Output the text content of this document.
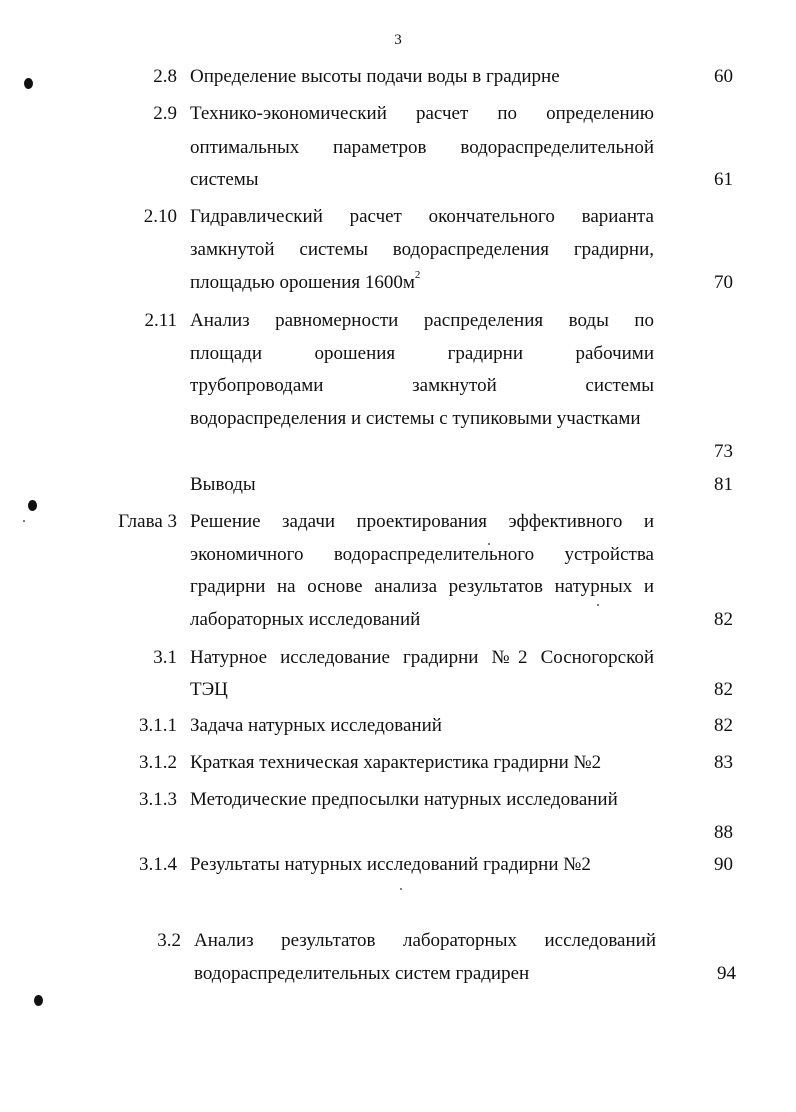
3
2.8 Определение высоты подачи воды в градирне	60
2.9 Технико-экономический расчет по определению
оптимальных параметров водораспределительной
системы	61
2.10 Гидравлический расчет окончательного варианта
замкнутой системы водораспределения градирни,
площадью орошения $1600м^2$	70
2.11 Анализ равномерности распределения воды по
площади орошения градирни рабочими
трубопроводами замкнутой системы
водораспределения и системы с тупиковыми участками
73
Выводы	81
Глава 3 Решение задачи проектирования эффективного и
экономичного водораспределительного устройства
градирни на основе анализа результатов натурных и
лабораторных исследований	82
3.1 Натурное исследование градирни №2 Сосногорской
ТЭЦ	82
3.1.1 Задача натурных исследований	82
3.1.2 Краткая техническая характеристика градирни №2	83
3.1.3 Методические предпосылки натурных исследований
88
3.1.4 Результаты натурных исследований градирни №2	90
3.2 Анализ результатов лабораторных исследований
водораспределительных систем градирен	94
